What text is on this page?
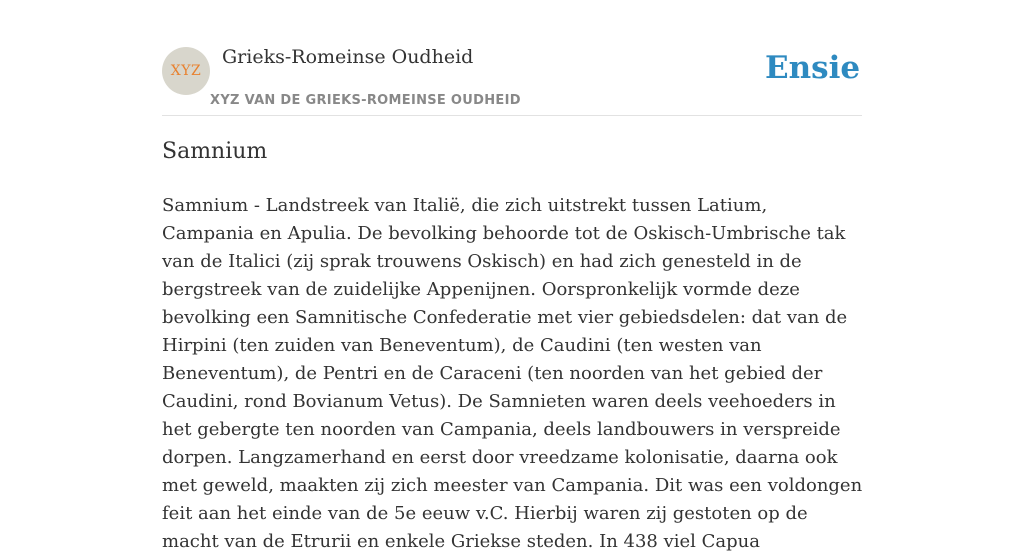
XYZ
Grieks-Romeinse Oudheid
XYZ VAN DE GRIEKS-ROMEINSE OUDHEID
Ensie
Samnium

Samnium - Landstreek van Italië, die zich uitstrekt tussen Latium, Campania en Apulia. De bevolking behoorde tot de Oskisch-Umbrische tak van de Italici (zij sprak trouwens Oskisch) en had zich genesteld in de bergstreek van de zuidelijke Appenijnen. Oorspronkelijk vormde deze bevolking een Samnitische Confederatie met vier gebiedsdelen: dat van de Hirpini (ten zuiden van Beneventum), de Caudini (ten westen van Beneventum), de Pentri en de Caraceni (ten noorden van het gebied der Caudini, rond Bovianum Vetus). De Samnieten waren deels veehoeders in het gebergte ten noorden van Campania, deels landbouwers in verspreide dorpen. Langzamerhand en eerst door vreedzame kolonisatie, daarna ook met geweld, maakten zij zich meester van Campania. Dit was een voldongen feit aan het einde van de 5e eeuw v.C. Hierbij waren zij gestoten op de macht van de Etrurii en enkele Griekse steden. In 438 viel Capua
